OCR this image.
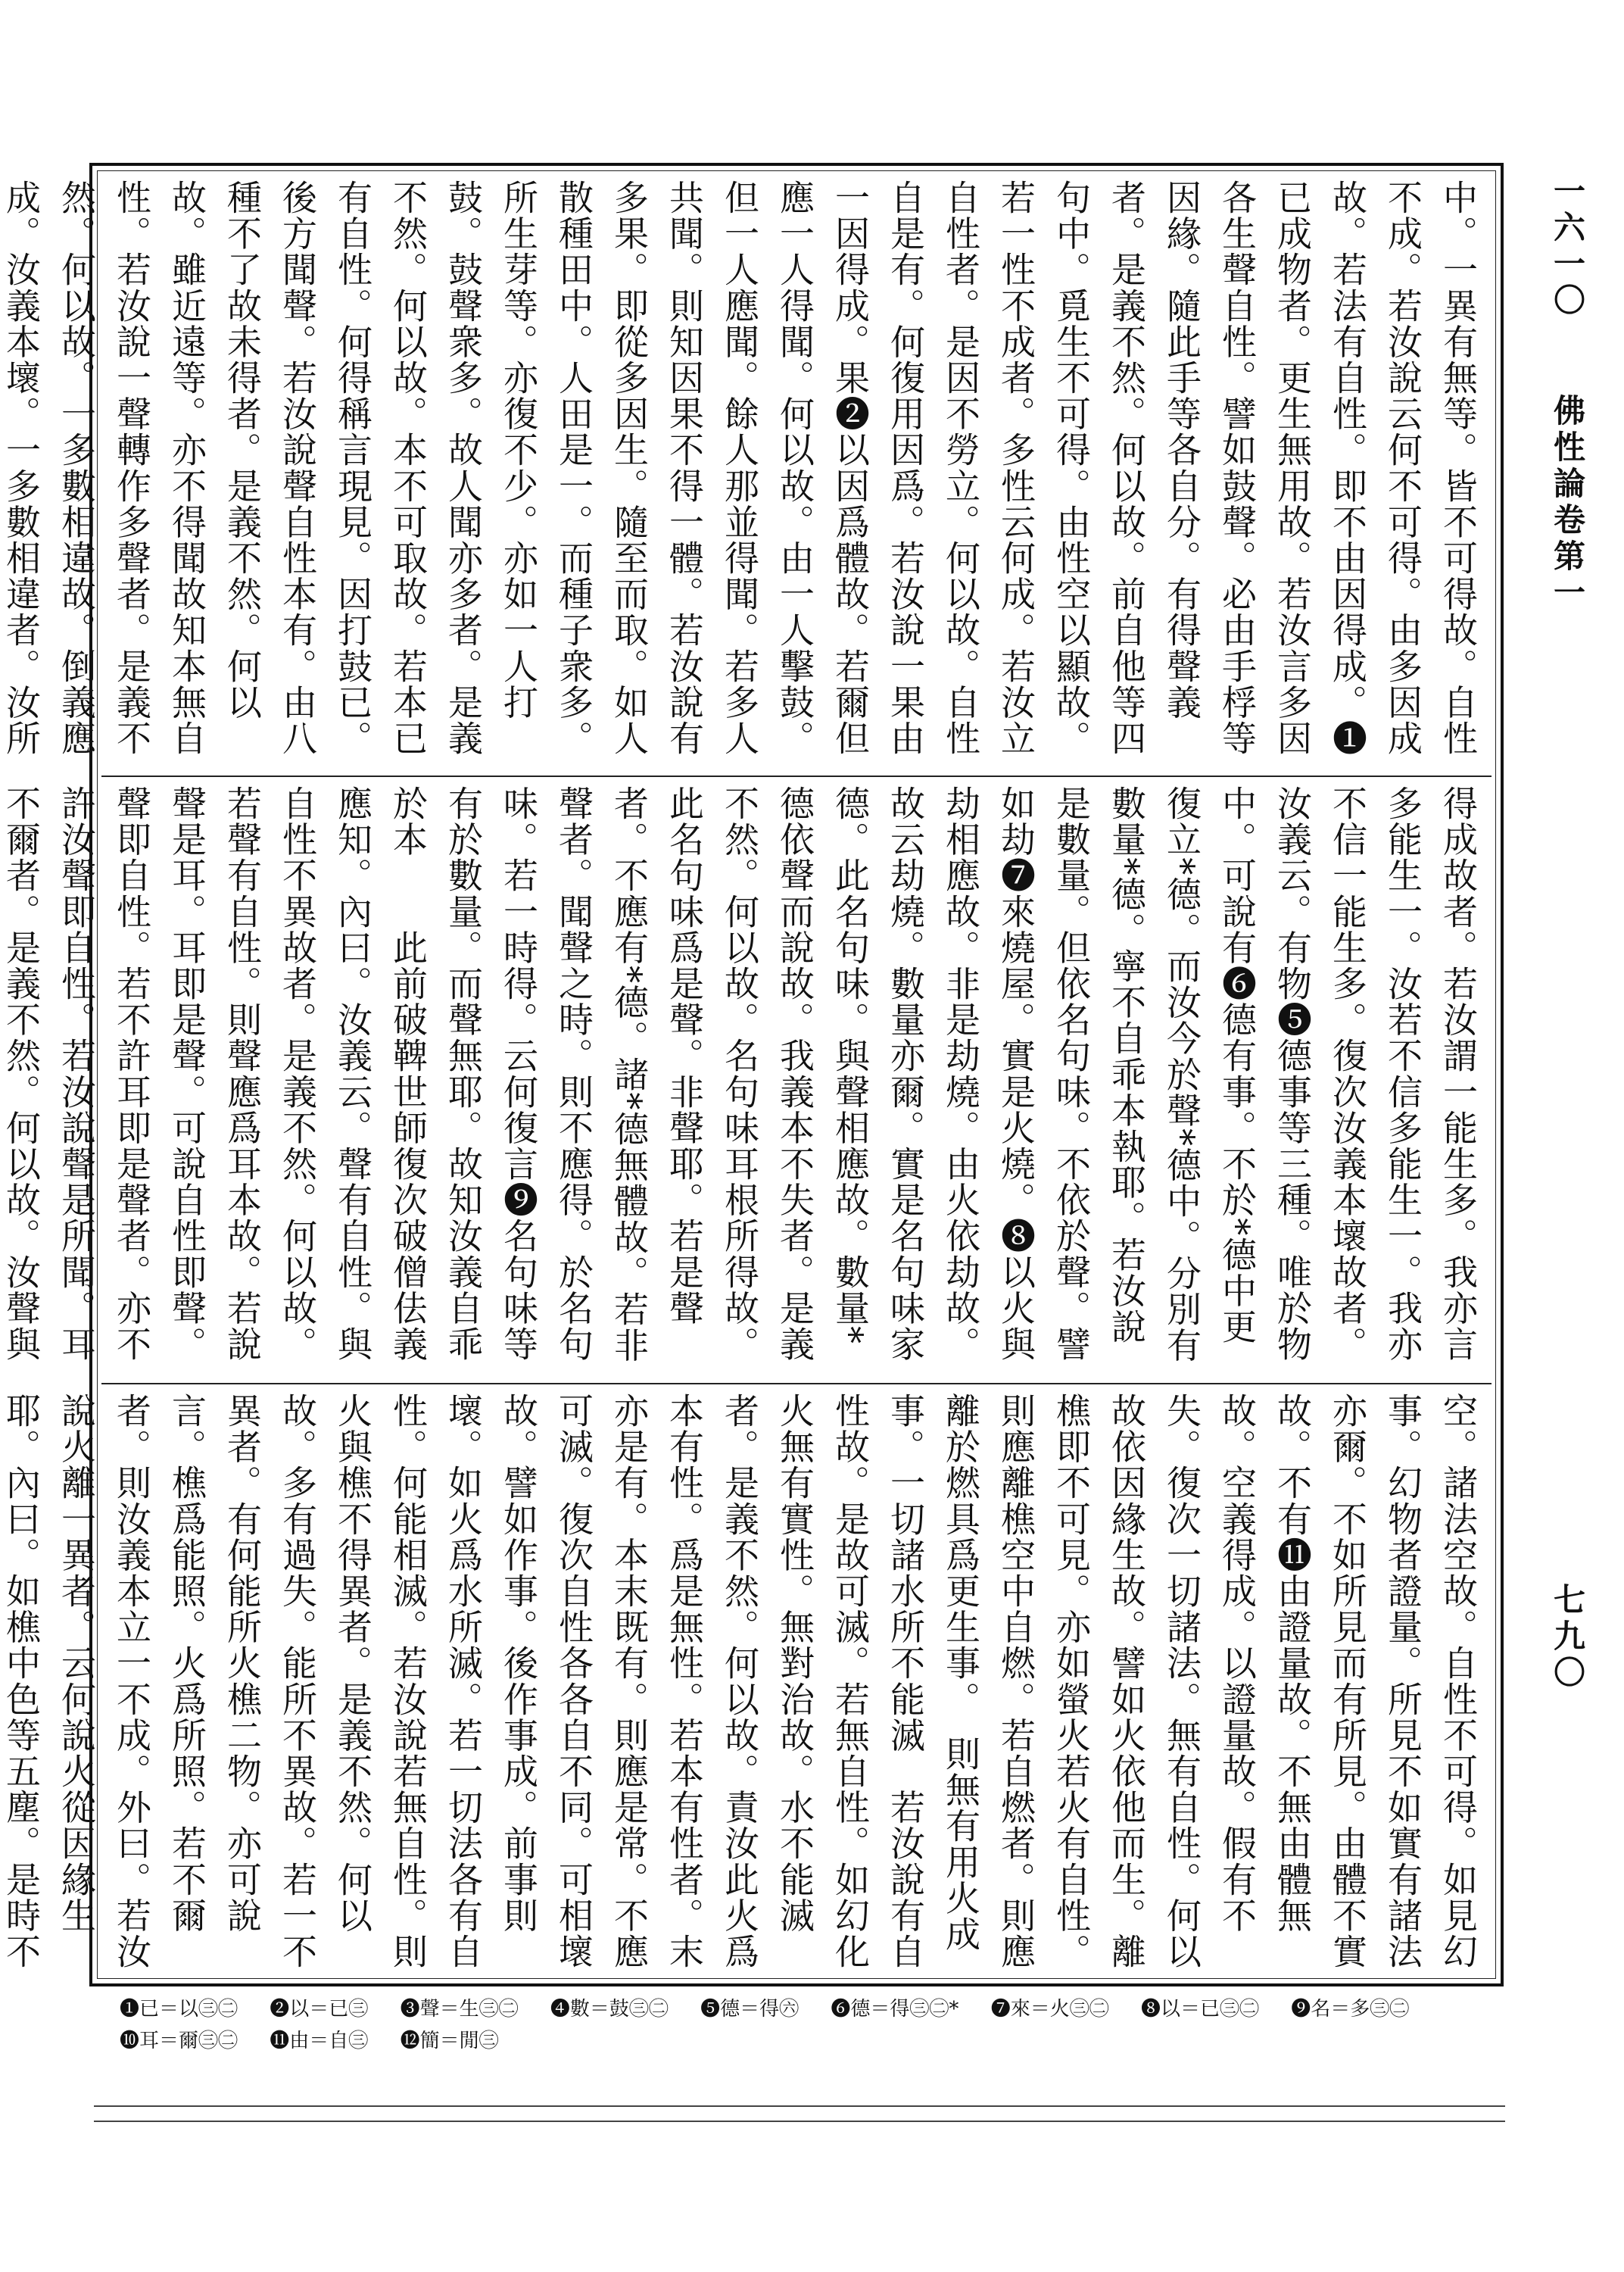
一六一〇
佛性論卷第一
七九〇
中。一異有無等。皆不可得故。自性不成。若汝說云何不可得。由多因成故。若法有自性。即不由因得成。❶已成物者。更生無用故。若汝言多因各生聲自性。譬如鼓聲。必由手桴等因緣。隨此手等各自分。有得聲義者。是義不然。何以故。前自他等四句中。覓生不可得。由性空以顯故。若一性不成者。多性云何成。若汝立自性者。是因不勞立。何以故。自性自是有。何復用因爲。若汝說一果由一因得成。果❷以因爲體故。若爾但應一人得聞。何以故。由一人擊鼓。但一人應聞。餘人那並得聞。若多人共聞。則知因果不得一體。若汝說有多果。即從多因生。隨至而取。如人散種田中。人田是一。而種子衆多。所生芽等。亦復不少。亦如一人打鼓。鼓聲衆多。故人聞亦多者。是義不然。何以故。本不可取故。若本已有自性。何得稱言現見。因打鼓已。後方聞聲。若汝說聲自性本有。由八種不了故未得者。是義不然。何以故。雖近遠等。亦不得聞故知本無自性。若汝說一聲轉作多聲者。是義不然。何以故。一多數相違故。倒義應成。汝義本壞。一多數相違者。汝所　
得成故者。若汝謂一能生多。我亦言多能生一。汝若不信多能生一。我亦不信一能生多。復次汝義本壞故者。汝義云。有物❺德事等三種。唯於物中。可說有❻德有事。不於*德中更復立*德。而汝今於聲*德中。分別有數量*德。寧不自乖本執耶。若汝說是數量。但依名句味。不依於聲。譬如劫❼來燒屋。實是火燒。❽以火與劫相應故。非是劫燒。由火依劫故。故云劫燒。數量亦爾。實是名句味家德。此名句味。與聲相應故。數量*德依聲而說故。我義本不失者。是義不然。何以故。名句味耳根所得故。此名句味爲是聲。非聲耶。若是聲者。不應有*德。諸*德無體故。若非聲者。聞聲之時。則不應得。於名句味。若一時得。云何復言❾名句味等有於數量。而聲無耶。故知汝義自乖於本　　此前破鞞世師復次破僧佉義應知。內曰。汝義云。聲有自性。與自性不異故者。是義不然。何以故。若聲有自性。則聲應爲耳本故。若說聲是耳。耳即是聲。可說自性即聲。聲即自性。若不許耳即是聲者。亦不許汝聲即自性。若汝說聲是所聞。耳不爾者。是義不然。何以故。汝聲與
空。諸法空故。自性不可得。如見幻事。幻物者證量。所見不如實有諸法亦爾。不如所見而有所見。由體不實故。不有⓫由證量故。不無由體無故。空義得成。以證量故。假有不失。復次一切諸法。無有自性。何以故依因緣生故。譬如火依他而生。離樵即不可見。亦如螢火若火有自性。則應離樵空中自燃。若自燃者。則應離於燃具爲更生事。　則無有用火成事。一切諸水所不能滅　若汝說有自性故。是故可滅。若無自性。如幻化火無有實性。無對治故。水不能滅者。是義不然。何以故。責汝此火爲本有性。爲是無性。若本有性者。末亦是有。本末既有。則應是常。不應可滅。復次自性各各自不同。可相壞故。譬如作事。後作事成。前事則壞。如火爲水所滅。若一切法各有自性。何能相滅。若汝說若無自性。則火與樵不得異者。是義不然。何以故。多有過失。能所不異故。若一不異者。有何能所火樵二物。亦可說言。樵爲能照。火爲所照。若不爾者。則汝義本立一不成。外曰。若汝說火離一異者。云何說火從因緣生耶。內曰。如樵中色等五塵。是時不
❶已＝以㊂㊁ ❷以＝已㊂ ❸聲＝生㊂㊁ ❹數＝鼓㊂㊁ ❺德＝得㊅ ❻德＝得㊂㊁* ❼來＝火㊂㊁ ❽以＝已㊂㊁ ❾名＝多㊂㊁
❿耳＝爾㊂㊁ ⓫由＝自㊂ ⓬簡＝閒㊂
